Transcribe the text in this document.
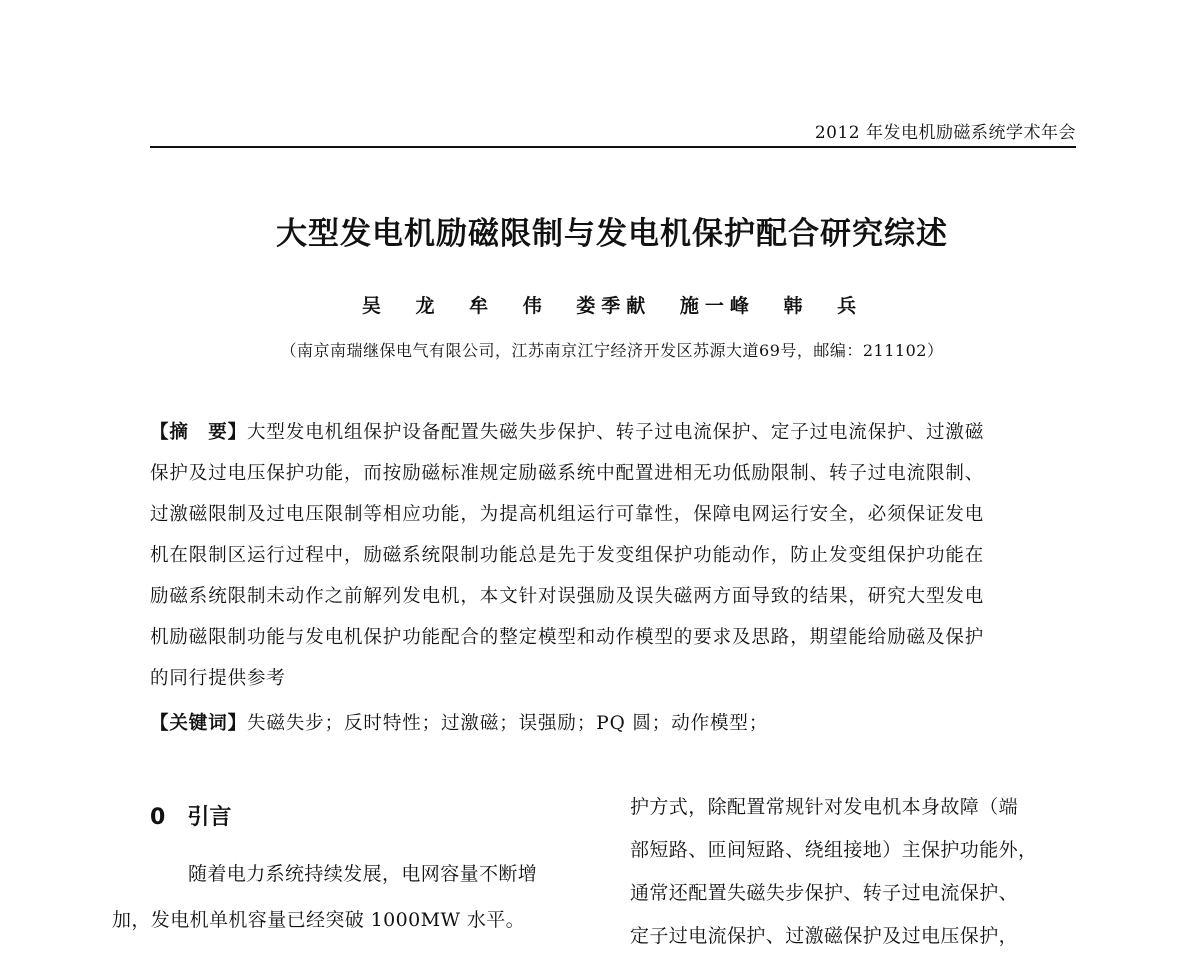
2012 年发电机励磁系统学术年会
大型发电机励磁限制与发电机保护配合研究综述
吴 龙 牟 伟 娄季献 施一峰 韩 兵
（南京南瑞继保电气有限公司，江苏南京江宁经济开发区苏源大道69号，邮编：211102）
【摘　要】大型发电机组保护设备配置失磁失步保护、转子过电流保护、定子过电流保护、过激磁
保护及过电压保护功能，而按励磁标准规定励磁系统中配置进相无功低励限制、转子过电流限制、
过激磁限制及过电压限制等相应功能，为提高机组运行可靠性，保障电网运行安全，必须保证发电
机在限制区运行过程中，励磁系统限制功能总是先于发变组保护功能动作，防止发变组保护功能在
励磁系统限制未动作之前解列发电机，本文针对误强励及误失磁两方面导致的结果，研究大型发电
机励磁限制功能与发电机保护功能配合的整定模型和动作模型的要求及思路，期望能给励磁及保护
的同行提供参考
【关键词】失磁失步；反时特性；过激磁；误强励；PQ 圆；动作模型；
0 引言
随着电力系统持续发展，电网容量不断增
加，发电机单机容量已经突破 1000MW 水平。
护方式，除配置常规针对发电机本身故障（端
部短路、匝间短路、绕组接地）主保护功能外，
通常还配置失磁失步保护、转子过电流保护、
定子过电流保护、过激磁保护及过电压保护，
